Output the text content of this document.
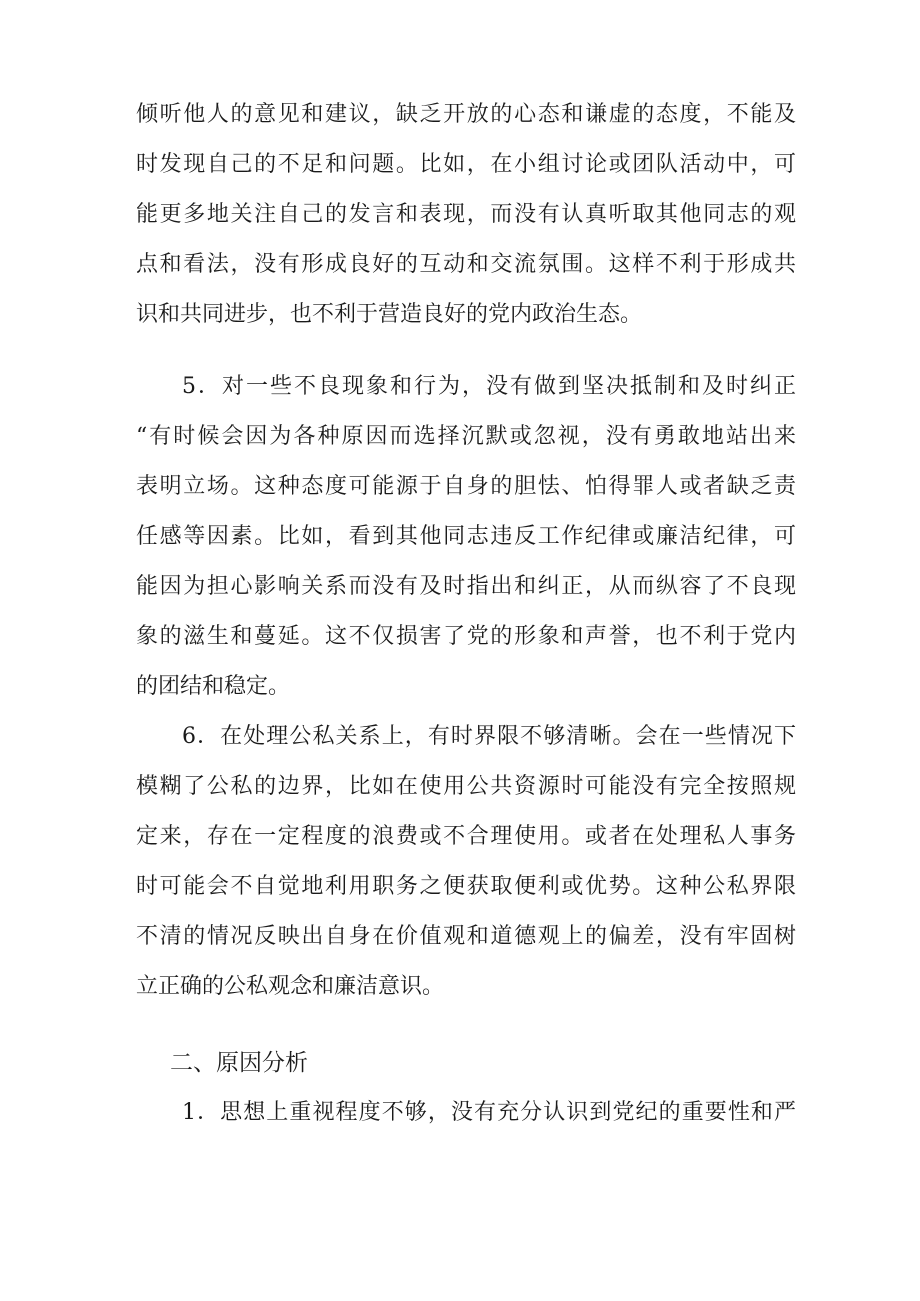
倾听他人的意见和建议，缺乏开放的心态和谦虚的态度，不能及
时发现自己的不足和问题。比如，在小组讨论或团队活动中，可
能更多地关注自己的发言和表现，而没有认真听取其他同志的观
点和看法，没有形成良好的互动和交流氛围。这样不利于形成共
识和共同进步，也不利于营造良好的党内政治生态。
5．对一些不良现象和行为，没有做到坚决抵制和及时纠正
“有时候会因为各种原因而选择沉默或忽视，没有勇敢地站出来
表明立场。这种态度可能源于自身的胆怯、怕得罪人或者缺乏责
任感等因素。比如，看到其他同志违反工作纪律或廉洁纪律，可
能因为担心影响关系而没有及时指出和纠正，从而纵容了不良现
象的滋生和蔓延。这不仅损害了党的形象和声誉，也不利于党内
的团结和稳定。
6．在处理公私关系上，有时界限不够清晰。会在一些情况下
模糊了公私的边界，比如在使用公共资源时可能没有完全按照规
定来，存在一定程度的浪费或不合理使用。或者在处理私人事务
时可能会不自觉地利用职务之便获取便利或优势。这种公私界限
不清的情况反映出自身在价值观和道德观上的偏差，没有牢固树
立正确的公私观念和廉洁意识。
二、原因分析
1．思想上重视程度不够，没有充分认识到党纪的重要性和严
